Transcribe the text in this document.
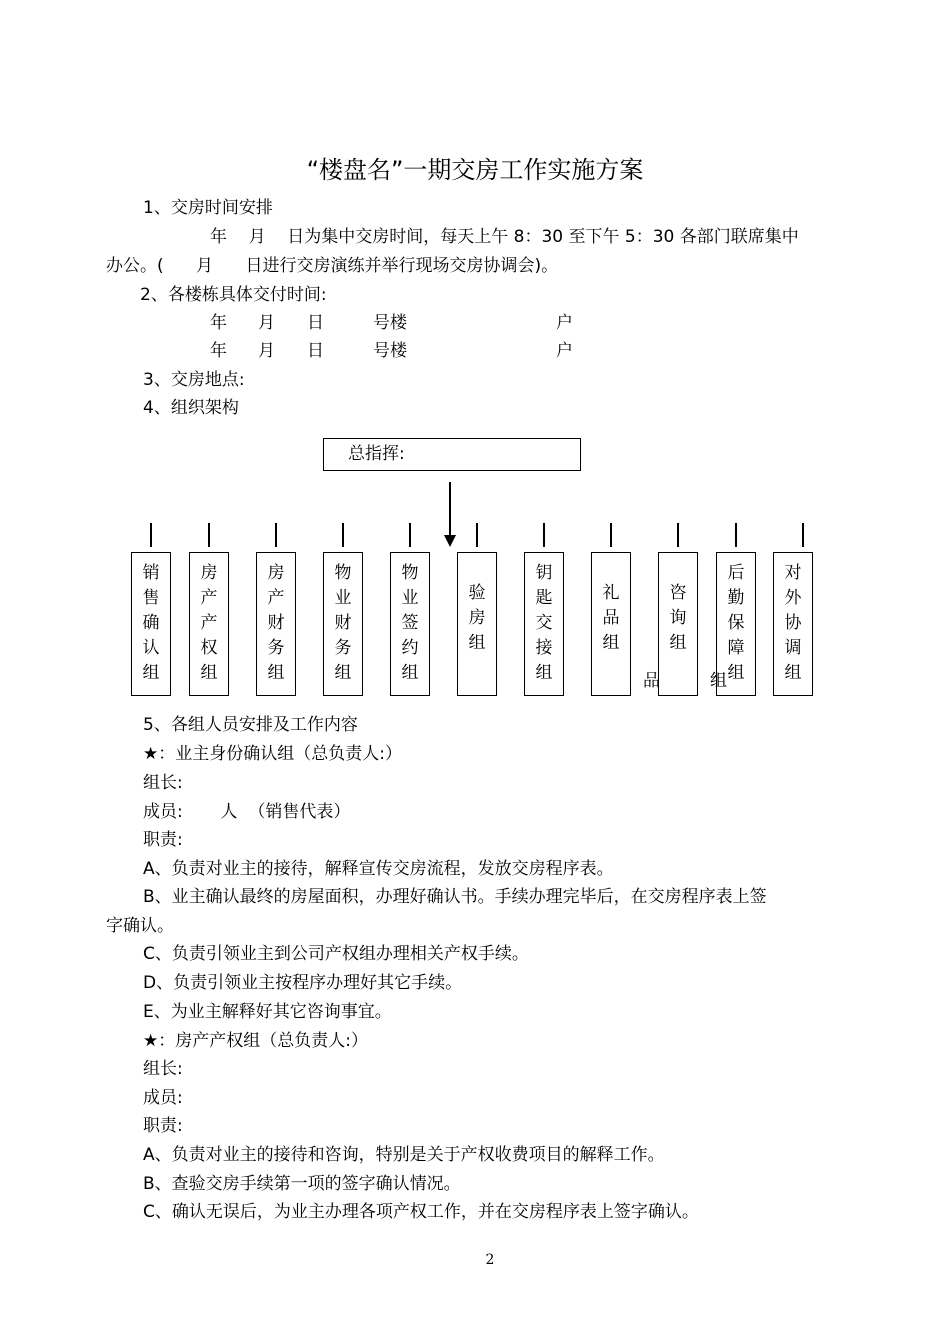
“楼盘名”一期交房工作实施方案
1、交房时间安排
年    月    日为集中交房时间，每天上午 8：30 至下午 5：30 各部门联席集中
办公。(      月      日进行交房演练并举行现场交房协调会)。
2、各楼栋具体交付时间:
年 月 日	号楼	户
年 月 日	号楼	户
3、交房地点:
4、组织架构
总指挥:
销售确认组
房产产权组
房产财务组
物业财务组
物业签约组
验房组
钥匙交接组
礼品组
咨询组
后勤保障组
对外协调组
品	组
5、各组人员安排及工作内容
★：业主身份确认组（总负责人:）
组长:
成员:       人  （销售代表）
职责:
A、负责对业主的接待，解释宣传交房流程，发放交房程序表。
B、业主确认最终的房屋面积，办理好确认书。手续办理完毕后，在交房程序表上签
字确认。
C、负责引领业主到公司产权组办理相关产权手续。
D、负责引领业主按程序办理好其它手续。
E、为业主解释好其它咨询事宜。
★：房产产权组（总负责人:）
组长:
成员:
职责:
A、负责对业主的接待和咨询，特别是关于产权收费项目的解释工作。
B、查验交房手续第一项的签字确认情况。
C、确认无误后，为业主办理各项产权工作，并在交房程序表上签字确认。
2
